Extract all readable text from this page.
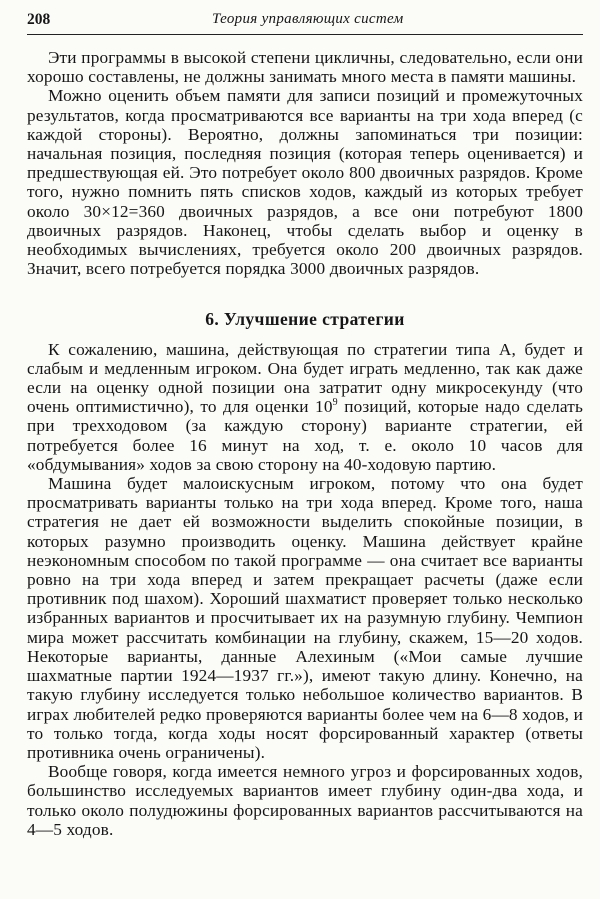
208	Теория управляющих систем

Эти программы в высокой степени цикличны, следовательно, если они хорошо составлены, не должны занимать много места в памяти машины.

Можно оценить объем памяти для записи позиций и промежуточных результатов, когда просматриваются все варианты на три хода вперед (с каждой стороны). Вероятно, должны запоминаться три позиции: начальная позиция, последняя позиция (которая теперь оценивается) и предшествующая ей. Это потребует около 800 двоичных разрядов. Кроме того, нужно помнить пять списков ходов, каждый из которых требует около 30×12=360 двоичных разрядов, а все они потребуют 1800 двоичных разрядов. Наконец, чтобы сделать выбор и оценку в необходимых вычислениях, требуется около 200 двоичных разрядов. Значит, всего потребуется порядка 3000 двоичных разрядов.

6. Улучшение стратегии

К сожалению, машина, действующая по стратегии типа А, будет и слабым и медленным игроком. Она будет играть медленно, так как даже если на оценку одной позиции она затратит одну микросекунду (что очень оптимистично), то для оценки $10^9$ позиций, которые надо сделать при трехходовом (за каждую сторону) варианте стратегии, ей потребуется более 16 минут на ход, т. е. около 10 часов для «обдумывания» ходов за свою сторону на 40-ходовую партию.

Машина будет малоискусным игроком, потому что она будет просматривать варианты только на три хода вперед. Кроме того, наша стратегия не дает ей возможности выделить спокойные позиции, в которых разумно производить оценку. Машина действует крайне неэкономным способом по такой программе — она считает все варианты ровно на три хода вперед и затем прекращает расчеты (даже если противник под шахом). Хороший шахматист проверяет только несколько избранных вариантов и просчитывает их на разумную глубину. Чемпион мира может рассчитать комбинации на глубину, скажем, 15—20 ходов. Некоторые варианты, данные Алехиным («Мои самые лучшие шахматные партии 1924—1937 гг.»), имеют такую длину. Конечно, на такую глубину исследуется только небольшое количество вариантов. В играх любителей редко проверяются варианты более чем на 6—8 ходов, и то только тогда, когда ходы носят форсированный характер (ответы противника очень ограничены).

Вообще говоря, когда имеется немного угроз и форсированных ходов, большинство исследуемых вариантов имеет глубину один-два хода, и только около полудюжины форсированных вариантов рассчитываются на 4—5 ходов.
